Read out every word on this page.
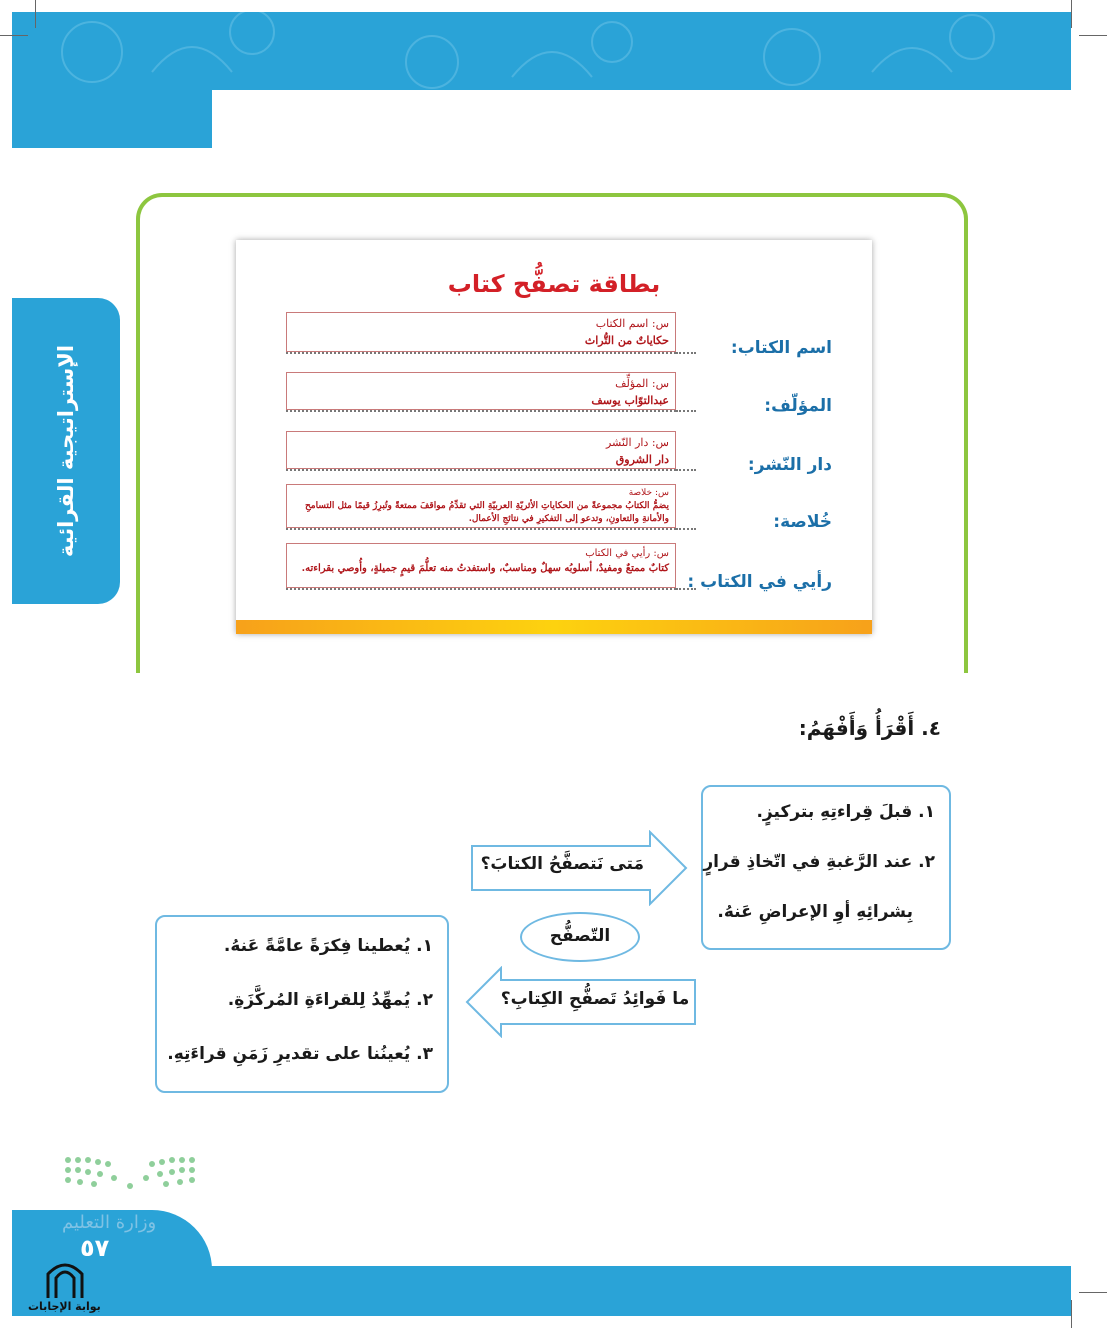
الإستراتيجية القرائية
بطاقة تصفُّح كتاب
اسم الكتاب:
س: اسم الكتاب
حكاياتٌ من التُّراث
المؤلّف:
س: المؤلِّف
عبدالتوّاب يوسف
دار النّشر:
س: دار النّشر
دار الشروق
خُلاصة:
س: خلاصة
يضمُّ الكتابُ مجموعةً من الحكاياتِ الأثريّةِ العربيّةِ التي تقدِّمُ مواقفَ ممتعةً وتُبرِزُ قيمًا مثل التسامحِ والأمانةِ والتعاونِ، وتدعو إلى التفكيرِ في نتائجِ الأعمال.
رأيي في الكتاب :
س: رأيي في الكتاب
كتابٌ ممتعٌ ومفيدٌ، أسلوبُه سهلٌ ومناسبٌ، واستفدتُ منه تعلُّمَ قيمٍ جميلةٍ، وأُوصي بقراءته.
٤. أَقْرَأُ وَأَفْهَمُ:
١. قبلَ قِراءتِهِ بتركيزٍ.
٢. عند الرَّغبةِ في اتّخاذِ قرارٍ
بِشرائِهِ أوِ الإعراضِ عَنهُ.
مَتى نَتصفَّحُ الكتابَ؟
التّصفُّح
ما فَوائِدُ تَصفُّحِ الكِتابِ؟
١. يُعطينا فِكرَةً عامَّةً عَنهُ.
٢. يُمهِّدُ لِلقراءَةِ المُركَّزَةِ.
٣. يُعينُنا على تقديرِ زَمَنِ قراءَتِهِ.
وزارة التعليم
٥٧
بوابة الإجابات
